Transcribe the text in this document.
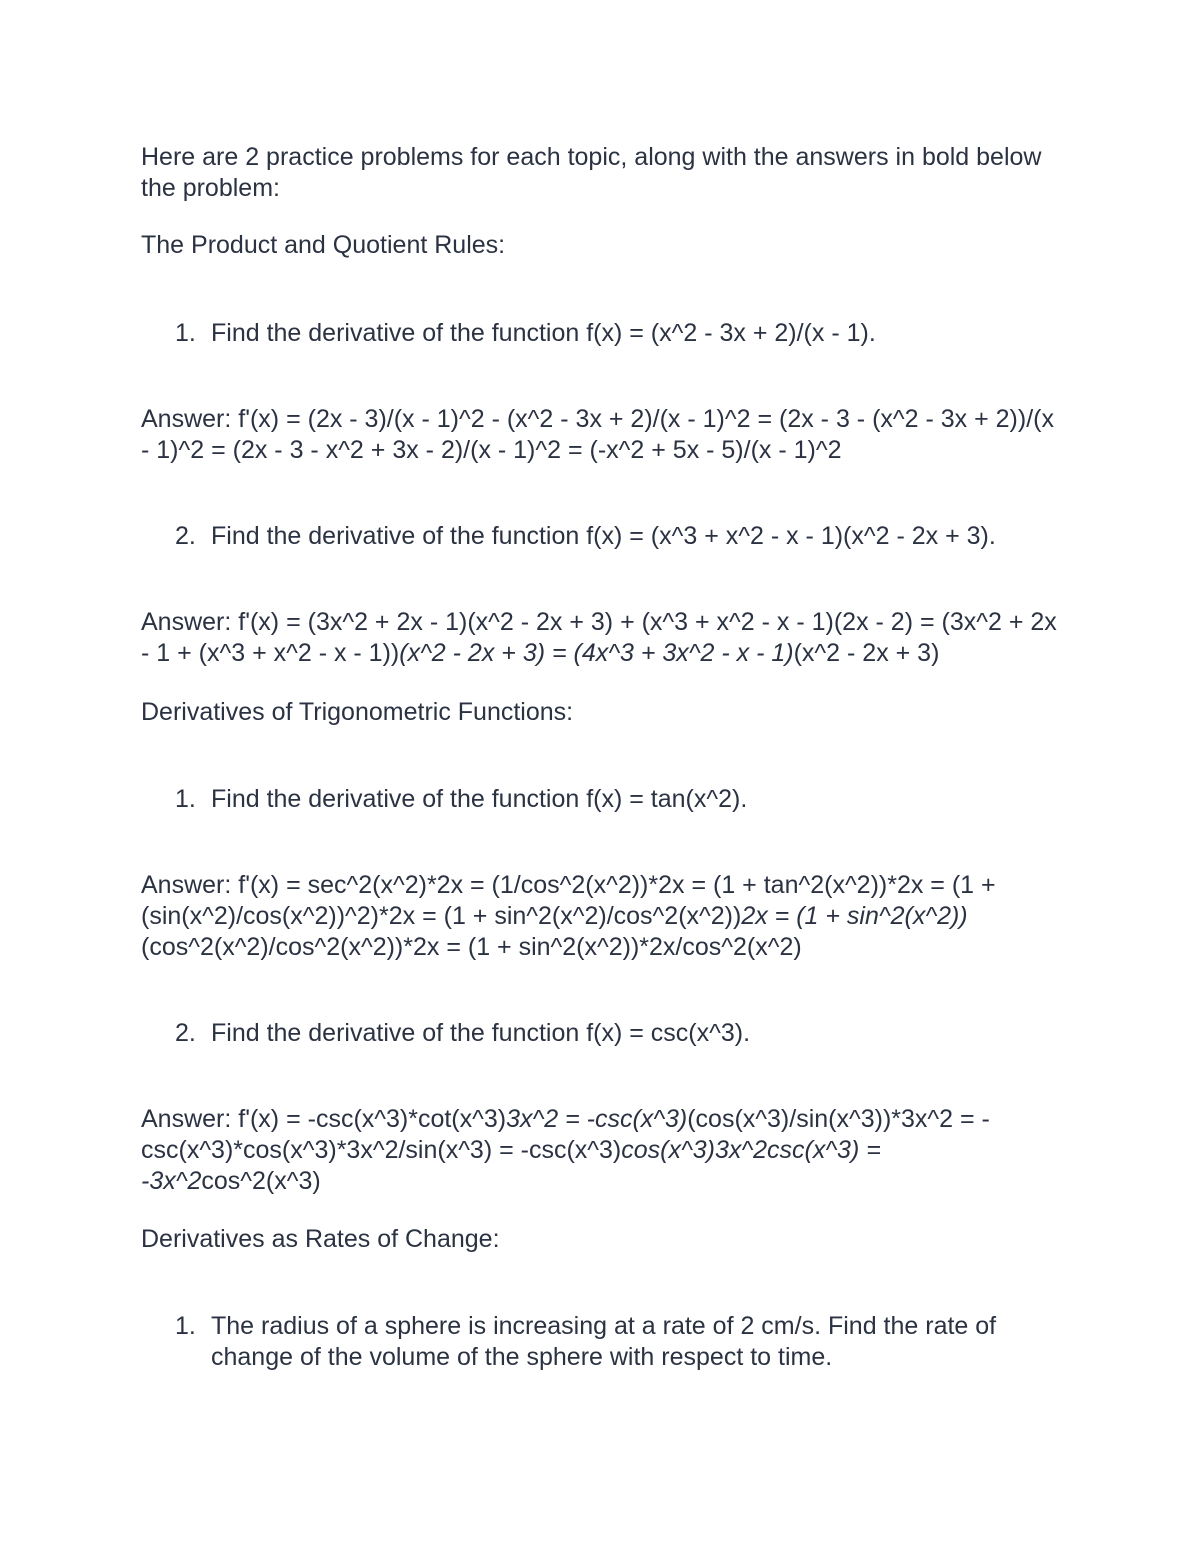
Here are 2 practice problems for each topic, along with the answers in bold below the problem:
The Product and Quotient Rules:
1. Find the derivative of the function f(x) = (x^2 - 3x + 2)/(x - 1).
Answer: f'(x) = (2x - 3)/(x - 1)^2 - (x^2 - 3x + 2)/(x - 1)^2 = (2x - 3 - (x^2 - 3x + 2))/(x - 1)^2 = (2x - 3 - x^2 + 3x - 2)/(x - 1)^2 = (-x^2 + 5x - 5)/(x - 1)^2
2. Find the derivative of the function f(x) = (x^3 + x^2 - x - 1)(x^2 - 2x + 3).
Answer: f'(x) = (3x^2 + 2x - 1)(x^2 - 2x + 3) + (x^3 + x^2 - x - 1)(2x - 2) = (3x^2 + 2x - 1 + (x^3 + x^2 - x - 1))(x^2 - 2x + 3) = (4x^3 + 3x^2 - x - 1)(x^2 - 2x + 3)
Derivatives of Trigonometric Functions:
1. Find the derivative of the function f(x) = tan(x^2).
Answer: f'(x) = sec^2(x^2)*2x = (1/cos^2(x^2))*2x = (1 + tan^2(x^2))*2x = (1 + (sin(x^2)/cos(x^2))^2)*2x = (1 + sin^2(x^2)/cos^2(x^2))2x = (1 + sin^2(x^2)) (cos^2(x^2)/cos^2(x^2))*2x = (1 + sin^2(x^2))*2x/cos^2(x^2)
2. Find the derivative of the function f(x) = csc(x^3).
Answer: f'(x) = -csc(x^3)*cot(x^3)3x^2 = -csc(x^3)(cos(x^3)/sin(x^3))*3x^2 = -csc(x^3)*cos(x^3)*3x^2/sin(x^3) = -csc(x^3)cos(x^3)3x^2csc(x^3) = -3x^2cos^2(x^3)
Derivatives as Rates of Change:
1. The radius of a sphere is increasing at a rate of 2 cm/s. Find the rate of change of the volume of the sphere with respect to time.
